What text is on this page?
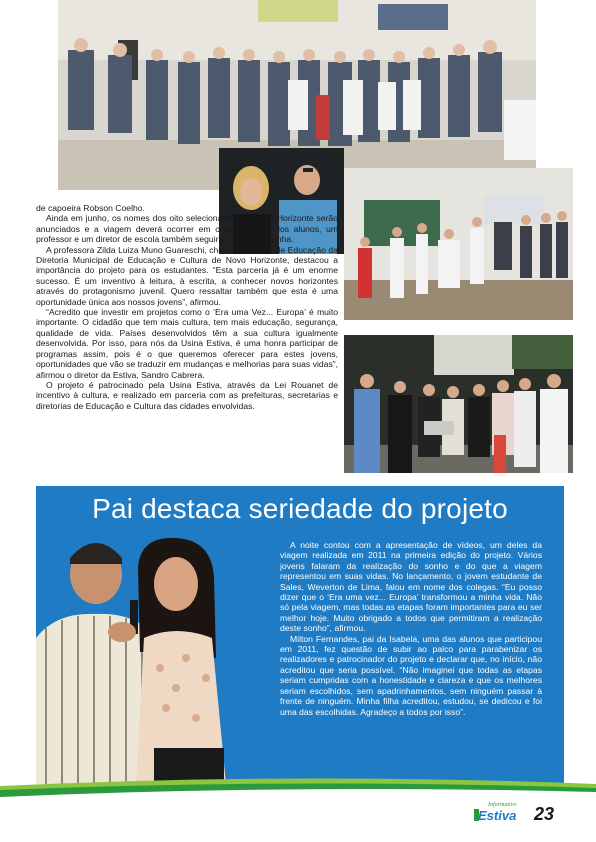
de capoeira Robson Coelho.

Ainda em junho, os nomes dos oito selecionados em Novo Horizonte serão anunciados e a viagem deverá ocorrer em outubro. Além dos alunos, um professor e um diretor de escola também seguirão para a Espanha.

A professora Zilda Luiza Muno Guareschi, chefe da Divisão de Educação da Diretoria Municipal de Educação e Cultura de Novo Horizonte, destacou a importância do projeto para os estudantes. “Esta parceria já é um enorme sucesso. É um inventivo à leitura, à escrita, a conhecer novos horizontes através do protagonismo juvenil. Quero ressaltar também que esta é uma oportunidade única aos nossos jovens”, afirmou.

“Acredito que investir em projetos como o ‘Era uma Vez... Europa’ é muito importante. O cidadão que tem mais cultura, tem mais educação, segurança, qualidade de vida. Países desenvolvidos têm a sua cultura igualmente desenvolvida. Por isso, para nós da Usina Estiva, é uma honra participar de programas assim, pois é o que queremos oferecer para estes jovens, oportunidades que vão se traduzir em mudanças e melhorias para suas vidas”, afirmou o diretor da Estiva, Sandro Cabrera.

O projeto é patrocinado pela Usina Estiva, através da Lei Rouanet de incentivo à cultura, e realizado em parceria com as prefeituras, secretarias e diretorias de Educação e Cultura das cidades envolvidas.

Pai destaca seriedade do projeto

A noite contou com a apresentação de vídeos, um deles da viagem realizada em 2011 na primeira edição do projeto. Vários jovens falaram da realização do sonho e do que a viagem representou em suas vidas. No lançamento, o jovem estudante de Sales, Weverton de Lima, falou em nome dos colegas. “Eu posso dizer que o ‘Era uma vez... Europa’ transformou a minha vida. Não só pela viagem, mas todas as etapas foram importantes para eu ser melhor hoje. Muito obrigado a todos que permitiram a realização deste sonho”, afirmou.

Milton Fernandes, pai da Isabela, uma das alunos que participou em 2011, fez questão de subir ao palco para parabenizar os realizadores e patrocinador do projeto e declarar que, no início, não acreditou que seria possível. “Não imaginei que todas as etapas seriam cumpridas com a honestidade e clareza e que os melhores seriam escolhidos, sem apadrinhamentos, sem ninguém passar à frente de ninguém. Minha filha acreditou, estudou, se dedicou e foi uma das escolhidas. Agradeço a todos por isso”.

Informativo
Estiva 23
